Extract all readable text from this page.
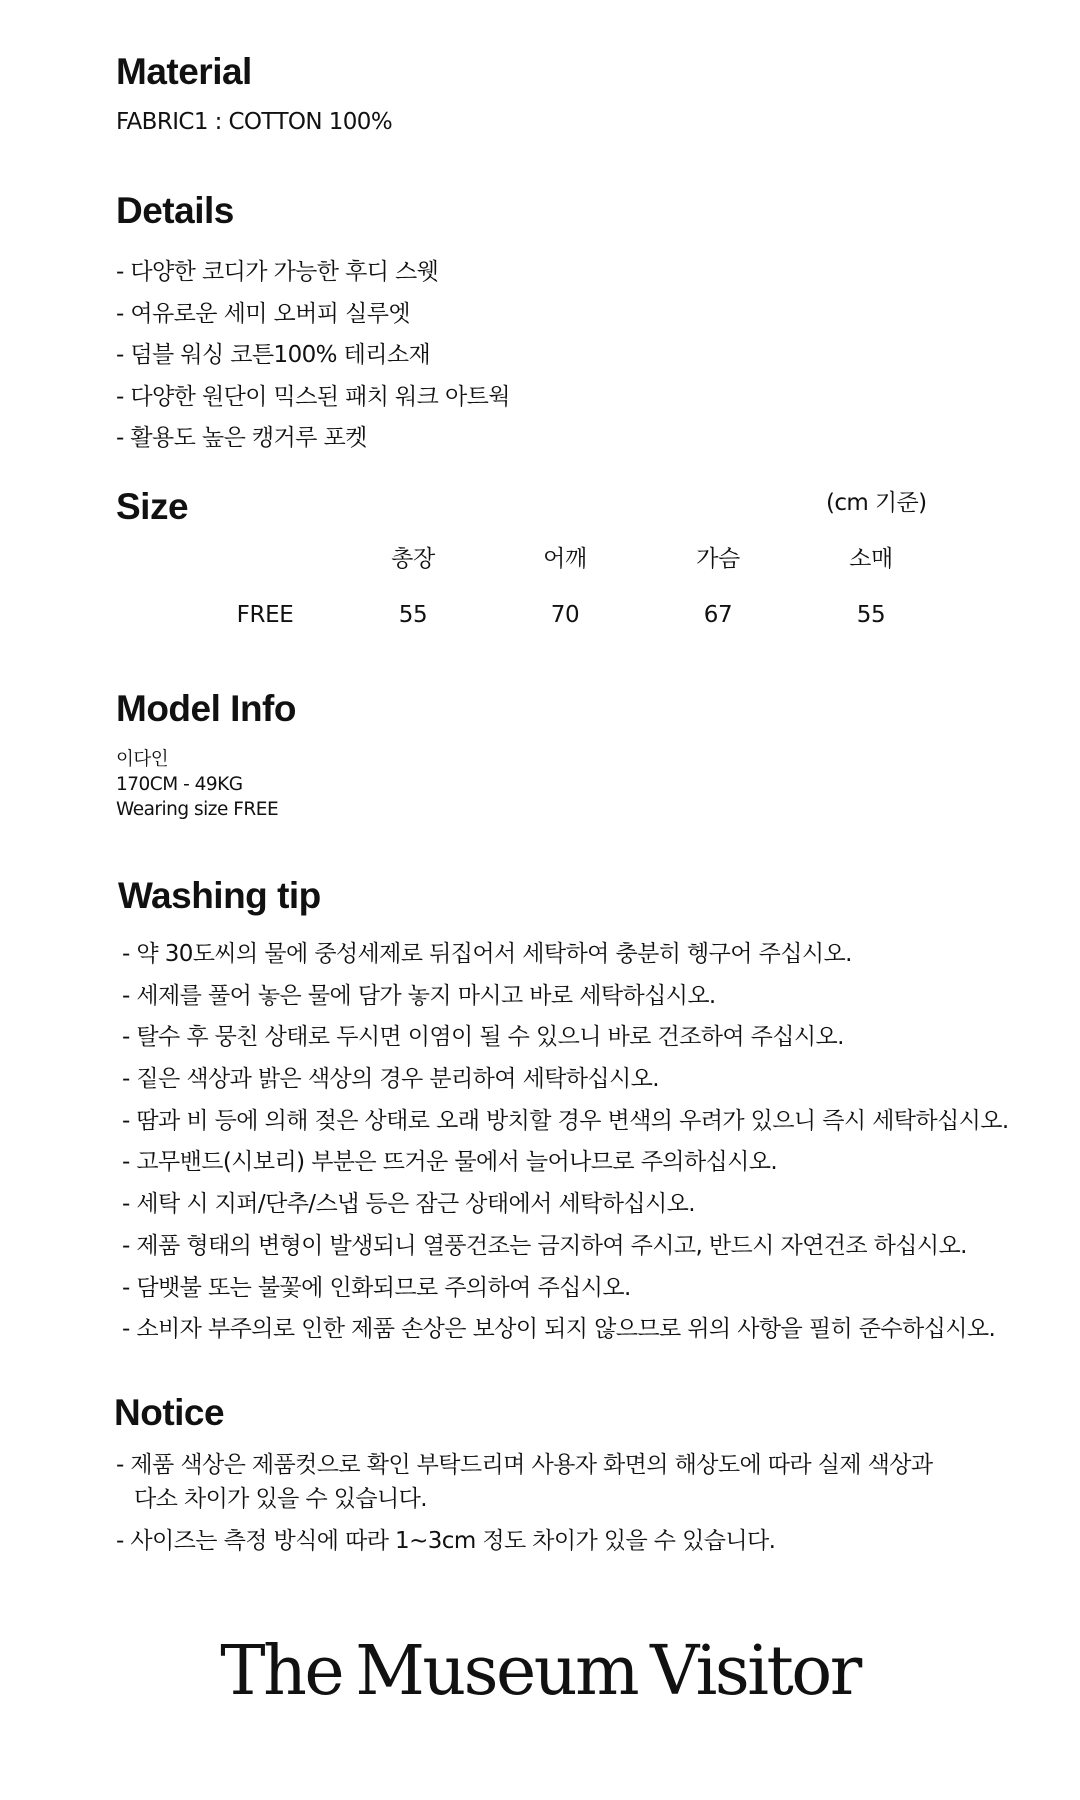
Material
FABRIC1 : COTTON 100%
Details
- 다양한 코디가 가능한 후디 스웻
- 여유로운 세미 오버피 실루엣
- 덤블 워싱 코튼100% 테리소재
- 다양한 원단이 믹스된 패치 워크 아트웍
- 활용도 높은 캥거루 포켓
Size	(cm 기준)
총장	어깨	가슴	소매
FREE	55	70	67	55
Model Info
이다인
170CM - 49KG
Wearing size FREE
Washing tip
- 약 30도씨의 물에 중성세제로 뒤집어서 세탁하여 충분히 헹구어 주십시오.
- 세제를 풀어 놓은 물에 담가 놓지 마시고 바로 세탁하십시오.
- 탈수 후 뭉친 상태로 두시면 이염이 될 수 있으니 바로 건조하여 주십시오.
- 짙은 색상과 밝은 색상의 경우 분리하여 세탁하십시오.
- 땀과 비 등에 의해 젖은 상태로 오래 방치할 경우 변색의 우려가 있으니 즉시 세탁하십시오.
- 고무밴드(시보리) 부분은 뜨거운 물에서 늘어나므로 주의하십시오.
- 세탁 시 지퍼/단추/스냅 등은 잠근 상태에서 세탁하십시오.
- 제품 형태의 변형이 발생되니 열풍건조는 금지하여 주시고, 반드시 자연건조 하십시오.
- 담뱃불 또는 불꽃에 인화되므로 주의하여 주십시오.
- 소비자 부주의로 인한 제품 손상은 보상이 되지 않으므로 위의 사항을 필히 준수하십시오.
Notice
- 제품 색상은 제품컷으로 확인 부탁드리며 사용자 화면의 해상도에 따라 실제 색상과
다소 차이가 있을 수 있습니다.
- 사이즈는 측정 방식에 따라 1~3cm 정도 차이가 있을 수 있습니다.
The Museum Visitor
